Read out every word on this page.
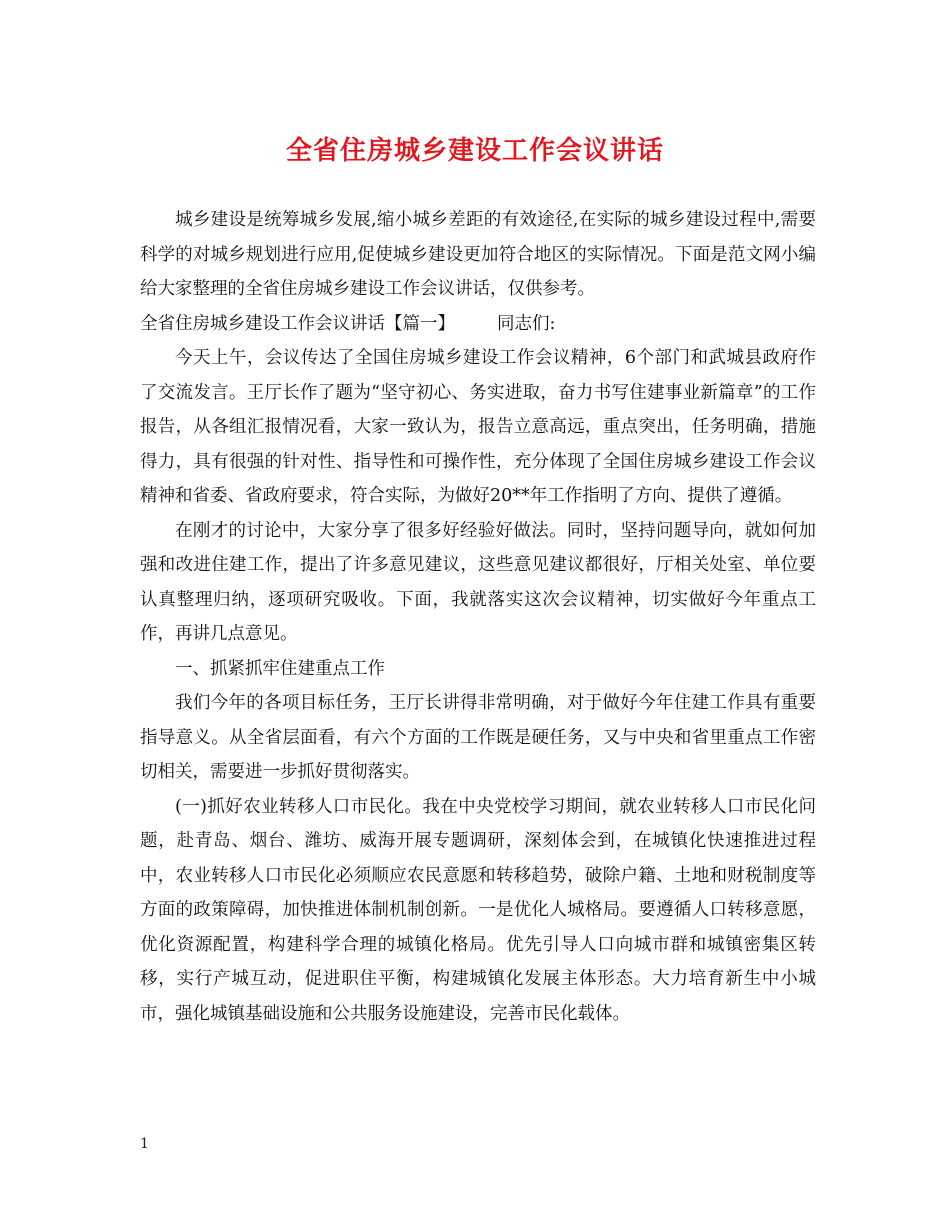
全省住房城乡建设工作会议讲话

城乡建设是统筹城乡发展,缩小城乡差距的有效途径,在实际的城乡建设过程中,需要科学的对城乡规划进行应用,促使城乡建设更加符合地区的实际情况。下面是范文网小编给大家整理的全省住房城乡建设工作会议讲话，仅供参考。

全省住房城乡建设工作会议讲话【篇一】 同志们:

今天上午，会议传达了全国住房城乡建设工作会议精神，6个部门和武城县政府作了交流发言。王厅长作了题为“坚守初心、务实进取，奋力书写住建事业新篇章”的工作报告，从各组汇报情况看，大家一致认为，报告立意高远，重点突出，任务明确，措施得力，具有很强的针对性、指导性和可操作性，充分体现了全国住房城乡建设工作会议精神和省委、省政府要求，符合实际，为做好20**年工作指明了方向、提供了遵循。

在刚才的讨论中，大家分享了很多好经验好做法。同时，坚持问题导向，就如何加强和改进住建工作，提出了许多意见建议，这些意见建议都很好，厅相关处室、单位要认真整理归纳，逐项研究吸收。下面，我就落实这次会议精神，切实做好今年重点工作，再讲几点意见。

一、抓紧抓牢住建重点工作

我们今年的各项目标任务，王厅长讲得非常明确，对于做好今年住建工作具有重要指导意义。从全省层面看，有六个方面的工作既是硬任务，又与中央和省里重点工作密切相关，需要进一步抓好贯彻落实。

(一)抓好农业转移人口市民化。我在中央党校学习期间，就农业转移人口市民化问题，赴青岛、烟台、潍坊、威海开展专题调研，深刻体会到，在城镇化快速推进过程中，农业转移人口市民化必须顺应农民意愿和转移趋势，破除户籍、土地和财税制度等方面的政策障碍，加快推进体制机制创新。一是优化人城格局。要遵循人口转移意愿，优化资源配置，构建科学合理的城镇化格局。优先引导人口向城市群和城镇密集区转移，实行产城互动，促进职住平衡，构建城镇化发展主体形态。大力培育新生中小城市，强化城镇基础设施和公共服务设施建设，完善市民化载体。

1
